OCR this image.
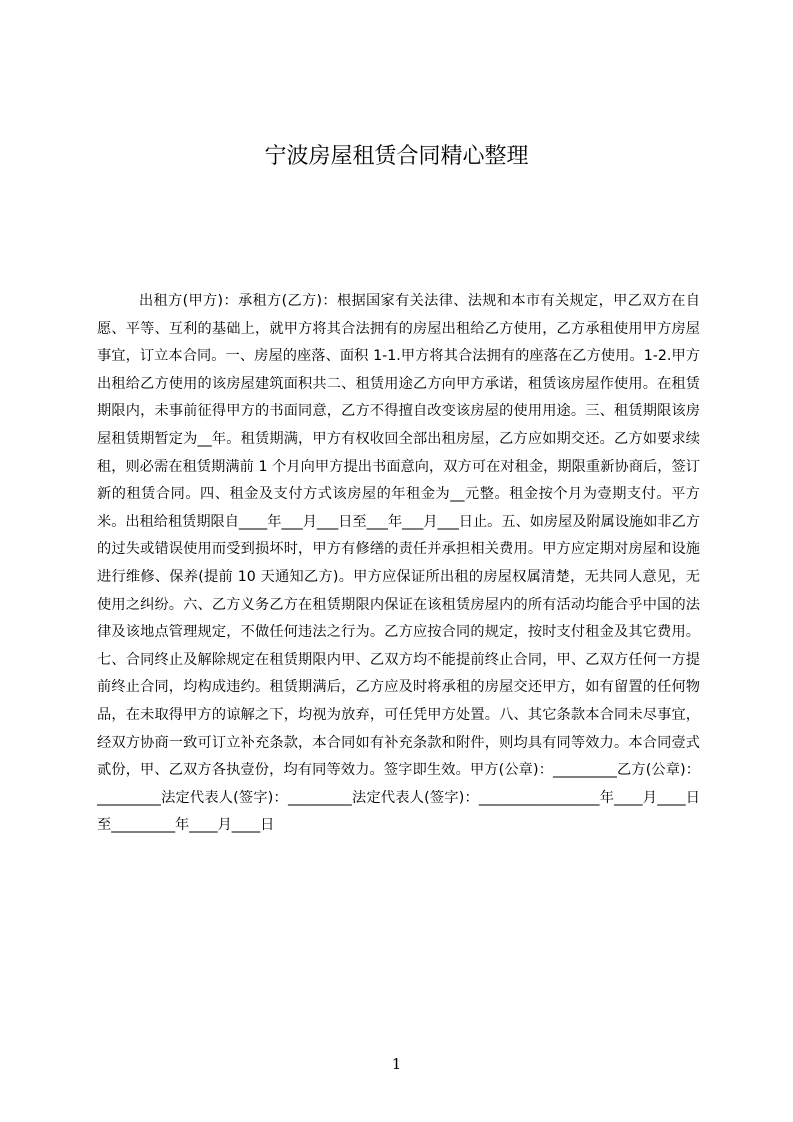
宁波房屋租赁合同精心整理

出租方(甲方)：承租方(乙方)：根据国家有关法律、法规和本市有关规定，甲乙双方在自愿、平等、互利的基础上，就甲方将其合法拥有的房屋出租给乙方使用，乙方承租使用甲方房屋事宜，订立本合同。一、房屋的座落、面积 1-1.甲方将其合法拥有的座落在乙方使用。1-2.甲方出租给乙方使用的该房屋建筑面积共二、租赁用途乙方向甲方承诺，租赁该房屋作使用。在租赁期限内，未事前征得甲方的书面同意，乙方不得擅自改变该房屋的使用用途。三、租赁期限该房屋租赁期暂定为__年。租赁期满，甲方有权收回全部出租房屋，乙方应如期交还。乙方如要求续租，则必需在租赁期满前 1 个月向甲方提出书面意向，双方可在对租金，期限重新协商后，签订新的租赁合同。四、租金及支付方式该房屋的年租金为__元整。租金按个月为壹期支付。平方米。出租给租赁期限自____年___月___日至___年___月___日止。五、如房屋及附属设施如非乙方的过失或错误使用而受到损坏时，甲方有修缮的责任并承担相关费用。甲方应定期对房屋和设施进行维修、保养(提前 10 天通知乙方)。甲方应保证所出租的房屋权属清楚，无共同人意见，无使用之纠纷。六、乙方义务乙方在租赁期限内保证在该租赁房屋内的所有活动均能合乎中国的法律及该地点管理规定，不做任何违法之行为。乙方应按合同的规定，按时支付租金及其它费用。七、合同终止及解除规定在租赁期限内甲、乙双方均不能提前终止合同，甲、乙双方任何一方提前终止合同，均构成违约。租赁期满后，乙方应及时将承租的房屋交还甲方，如有留置的任何物品，在未取得甲方的谅解之下，均视为放弃，可任凭甲方处置。八、其它条款本合同未尽事宜，经双方协商一致可订立补充条款，本合同如有补充条款和附件，则均具有同等效力。本合同壹式贰份，甲、乙双方各执壹份，均有同等效力。签字即生效。甲方(公章)：_________乙方(公章)：_________法定代表人(签字)：_________法定代表人(签字)：_________________年____月____日至_________年____月____日

1
